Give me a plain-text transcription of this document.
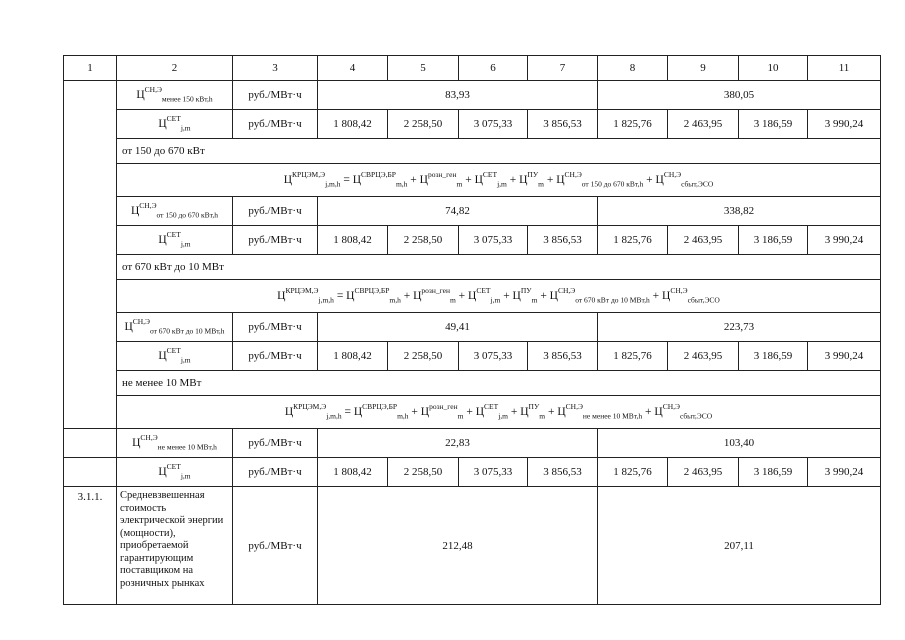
1	2	3	4	5	6	7	8	9	10	11
	$Ц^{СН,Э}_{менее 150 кВт,h}$	руб./МВт·ч	83,93				380,05			
	$Ц^{СЕТ}_{j,m}$	руб./МВт·ч	1 808,42	2 258,50	3 075,33	3 856,53	1 825,76	2 463,95	3 186,59	3 990,24
	от 150 до 670 кВт									
	$Ц^{КРЦЭМ,Э}_{j,m,h} = Ц^{СВРЦЭ,БР}_{m,h} + Ц^{розн\_ген}_m + Ц^{СЕТ}_{j,m} + Ц^{ПУ}_m + Ц^{СН,Э}_{от 150 до 670 кВт,h} + Ц^{СН,Э}_{сбыт,ЭСО}$
	$Ц^{СН,Э}_{от 150 до 670 кВт,h}$	руб./МВт·ч	74,82				338,82			
	$Ц^{СЕТ}_{j,m}$	руб./МВт·ч	1 808,42	2 258,50	3 075,33	3 856,53	1 825,76	2 463,95	3 186,59	3 990,24
	от 670 кВт до 10 МВт									
	$Ц^{КРЦЭМ,Э}_{j,m,h} = Ц^{СВРЦЭ,БР}_{m,h} + Ц^{розн\_ген}_m + Ц^{СЕТ}_{j,m} + Ц^{ПУ}_m + Ц^{СН,Э}_{от 670 кВт до 10 МВт,h} + Ц^{СН,Э}_{сбыт,ЭСО}$
	$Ц^{СН,Э}_{от 670 кВт до 10 МВт,h}$	руб./МВт·ч	49,41				223,73			
	$Ц^{СЕТ}_{j,m}$	руб./МВт·ч	1 808,42	2 258,50	3 075,33	3 856,53	1 825,76	2 463,95	3 186,59	3 990,24
	не менее 10 МВт									
	$Ц^{КРЦЭМ,Э}_{j,m,h} = Ц^{СВРЦЭ,БР}_{m,h} + Ц^{розн\_ген}_m + Ц^{СЕТ}_{j,m} + Ц^{ПУ}_m + Ц^{СН,Э}_{не менее 10 МВт,h} + Ц^{СН,Э}_{сбыт,ЭСО}$
	$Ц^{СН,Э}_{не менее 10 МВт,h}$	руб./МВт·ч	22,83				103,40			
	$Ц^{СЕТ}_{j,m}$	руб./МВт·ч	1 808,42	2 258,50	3 075,33	3 856,53	1 825,76	2 463,95	3 186,59	3 990,24
3.1.1.	Средневзвешенная стоимость электрической энергии (мощности), приобретаемой гарантирующим поставщиком на розничных рынках	руб./МВт·ч	212,48				207,11			
